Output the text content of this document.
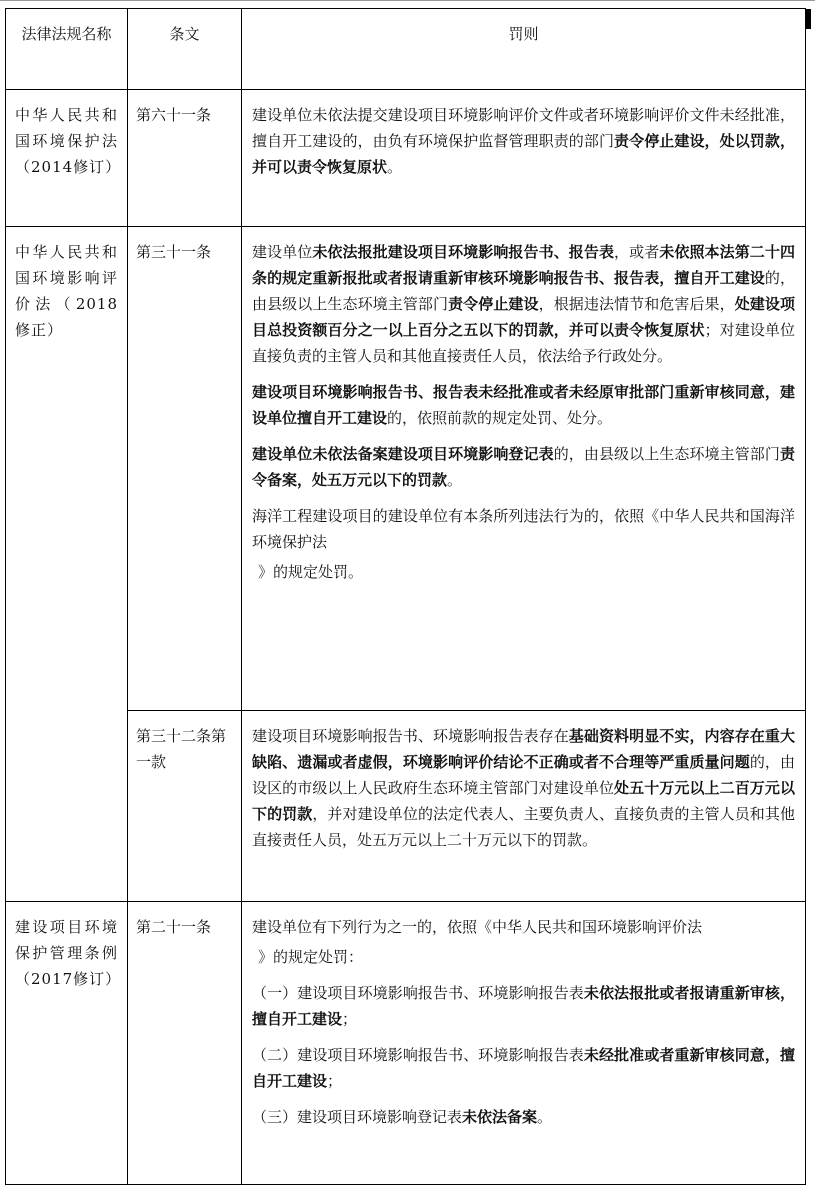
法律法规名称	条文	罚则
中华人民共和国环境保护法（2014修订）	第六十一条	建设单位未依法提交建设项目环境影响评价文件或者环境影响评价文件未经批准，擅自开工建设的，由负有环境保护监督管理职责的部门责令停止建设，处以罚款，并可以责令恢复原状。

中华人民共和国环境影响评价法（2018修正）	第三十一条	建设单位未依法报批建设项目环境影响报告书、报告表，或者未依照本法第二十四条的规定重新报批或者报请重新审核环境影响报告书、报告表，擅自开工建设的，由县级以上生态环境主管部门责令停止建设，根据违法情节和危害后果，处建设项目总投资额百分之一以上百分之五以下的罚款，并可以责令恢复原状；对建设单位直接负责的主管人员和其他直接责任人员，依法给予行政处分。

建设项目环境影响报告书、报告表未经批准或者未经原审批部门重新审核同意，建设单位擅自开工建设的，依照前款的规定处罚、处分。

建设单位未依法备案建设项目环境影响登记表的，由县级以上生态环境主管部门责令备案，处五万元以下的罚款。

海洋工程建设项目的建设单位有本条所列违法行为的，依照《中华人民共和国海洋环境保护法

》的规定处罚。

	第三十二条第一款	建设项目环境影响报告书、环境影响报告表存在基础资料明显不实，内容存在重大缺陷、遗漏或者虚假，环境影响评价结论不正确或者不合理等严重质量问题的，由设区的市级以上人民政府生态环境主管部门对建设单位处五十万元以上二百万元以下的罚款，并对建设单位的法定代表人、主要负责人、直接负责的主管人员和其他直接责任人员，处五万元以上二十万元以下的罚款。

建设项目环境保护管理条例（2017修订）	第二十一条	建设单位有下列行为之一的，依照《中华人民共和国环境影响评价法

》的规定处罚：

（一）建设项目环境影响报告书、环境影响报告表未依法报批或者报请重新审核，擅自开工建设；

（二）建设项目环境影响报告书、环境影响报告表未经批准或者重新审核同意，擅自开工建设；

（三）建设项目环境影响登记表未依法备案。
